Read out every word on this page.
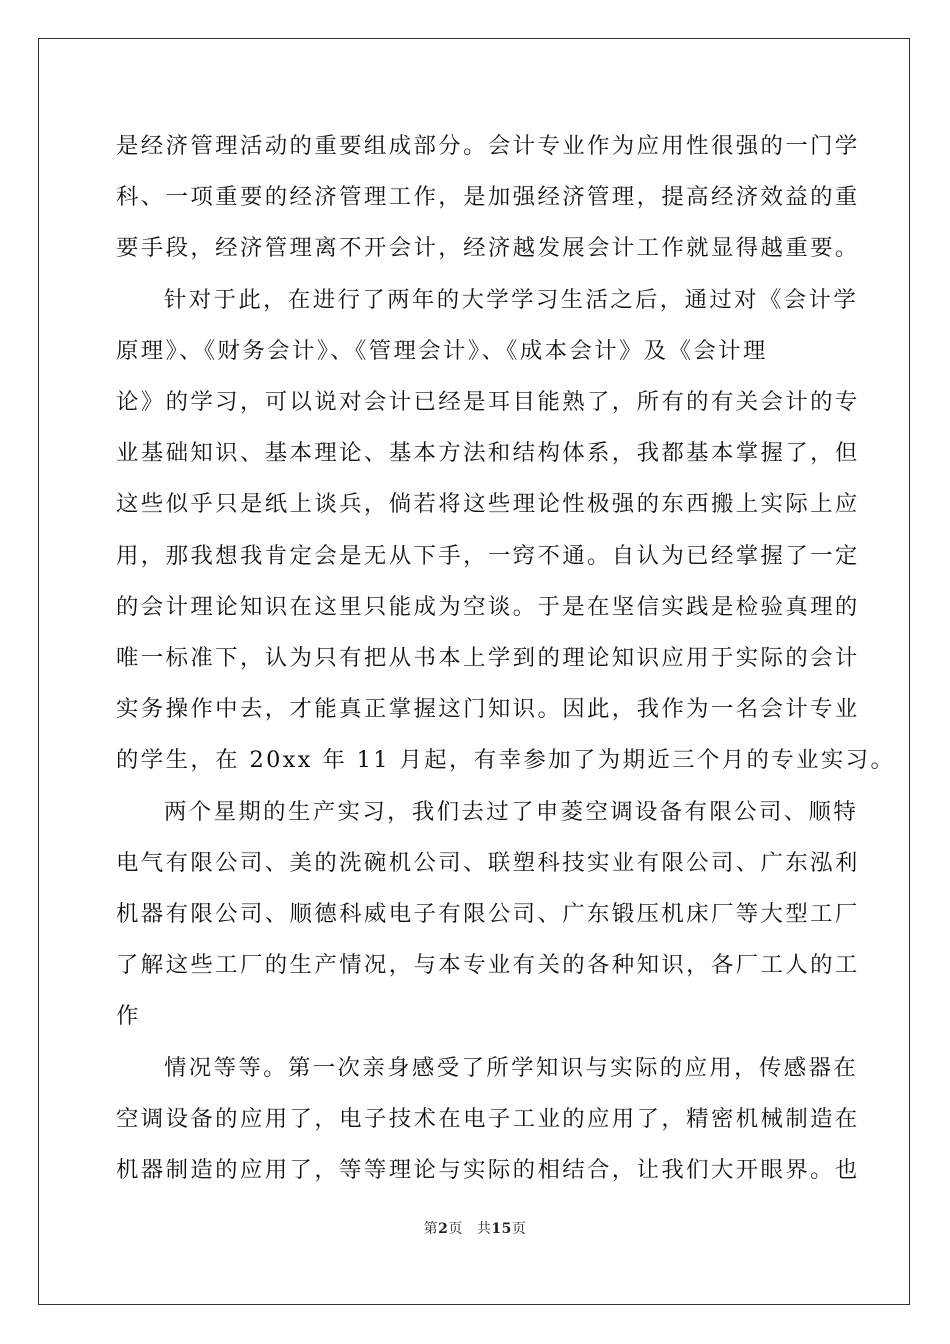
是经济管理活动的重要组成部分。会计专业作为应用性很强的一门学
科、一项重要的经济管理工作，是加强经济管理，提高经济效益的重
要手段，经济管理离不开会计，经济越发展会计工作就显得越重要。

针对于此，在进行了两年的大学学习生活之后，通过对《会计学
原理》、《财务会计》、《管理会计》、《成本会计》及《会计理
论》的学习，可以说对会计已经是耳目能熟了，所有的有关会计的专
业基础知识、基本理论、基本方法和结构体系，我都基本掌握了，但
这些似乎只是纸上谈兵，倘若将这些理论性极强的东西搬上实际上应
用，那我想我肯定会是无从下手，一窍不通。自认为已经掌握了一定
的会计理论知识在这里只能成为空谈。于是在坚信实践是检验真理的
唯一标准下，认为只有把从书本上学到的理论知识应用于实际的会计
实务操作中去，才能真正掌握这门知识。因此，我作为一名会计专业
的学生，在 20xx 年 11 月起，有幸参加了为期近三个月的专业实习。

两个星期的生产实习，我们去过了申菱空调设备有限公司、顺特
电气有限公司、美的洗碗机公司、联塑科技实业有限公司、广东泓利
机器有限公司、顺德科威电子有限公司、广东锻压机床厂等大型工厂
了解这些工厂的生产情况，与本专业有关的各种知识，各厂工人的工
作

情况等等。第一次亲身感受了所学知识与实际的应用，传感器在
空调设备的应用了，电子技术在电子工业的应用了，精密机械制造在
机器制造的应用了，等等理论与实际的相结合，让我们大开眼界。也

第2页 共15页
